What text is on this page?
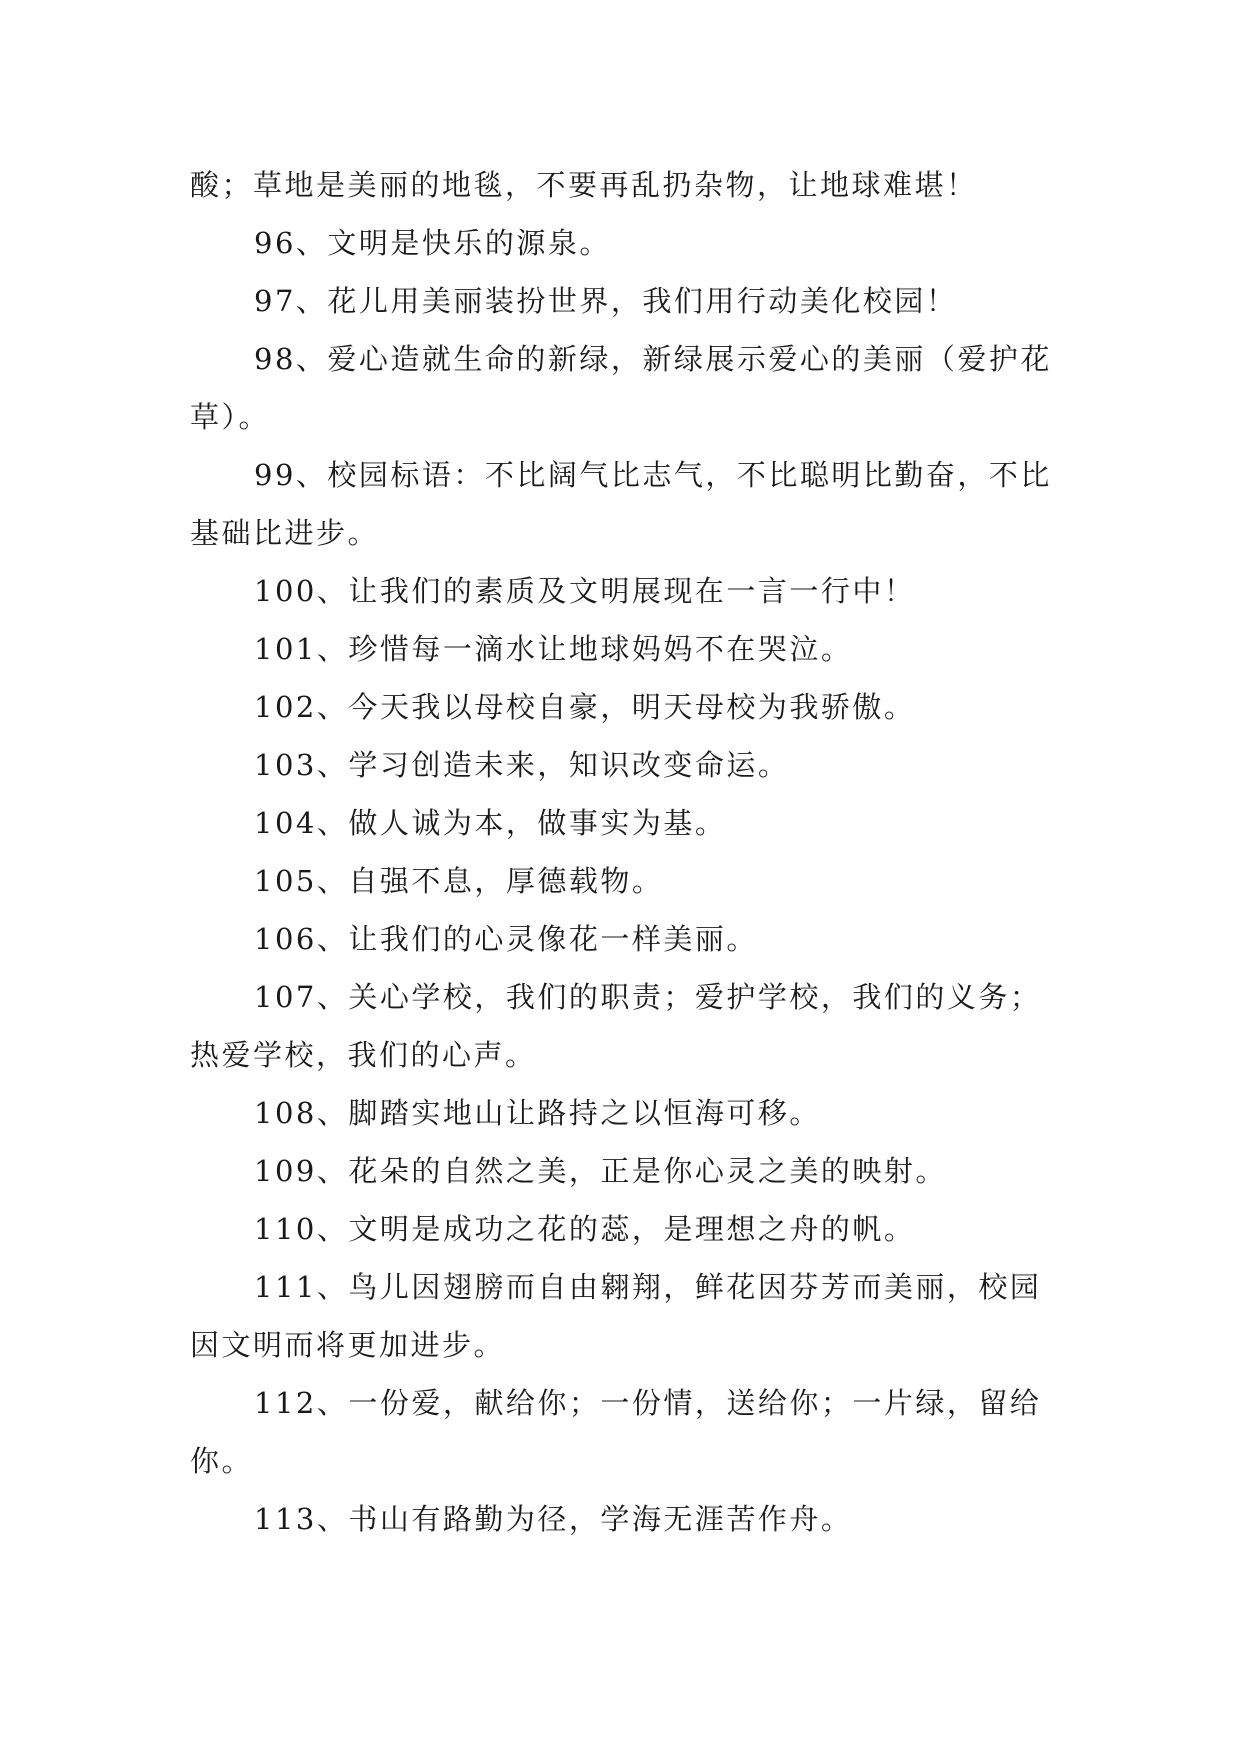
酸；草地是美丽的地毯，不要再乱扔杂物，让地球难堪！

96、文明是快乐的源泉。

97、花儿用美丽装扮世界，我们用行动美化校园！

98、爱心造就生命的新绿，新绿展示爱心的美丽（爱护花草）。

99、校园标语：不比阔气比志气，不比聪明比勤奋，不比基础比进步。

100、让我们的素质及文明展现在一言一行中！

101、珍惜每一滴水让地球妈妈不在哭泣。

102、今天我以母校自豪，明天母校为我骄傲。

103、学习创造未来，知识改变命运。

104、做人诚为本，做事实为基。

105、自强不息，厚德载物。

106、让我们的心灵像花一样美丽。

107、关心学校，我们的职责；爱护学校，我们的义务；热爱学校，我们的心声。

108、脚踏实地山让路持之以恒海可移。

109、花朵的自然之美，正是你心灵之美的映射。

110、文明是成功之花的蕊，是理想之舟的帆。

111、鸟儿因翅膀而自由翱翔，鲜花因芬芳而美丽，校园因文明而将更加进步。

112、一份爱，献给你；一份情，送给你；一片绿，留给你。

113、书山有路勤为径，学海无涯苦作舟。
